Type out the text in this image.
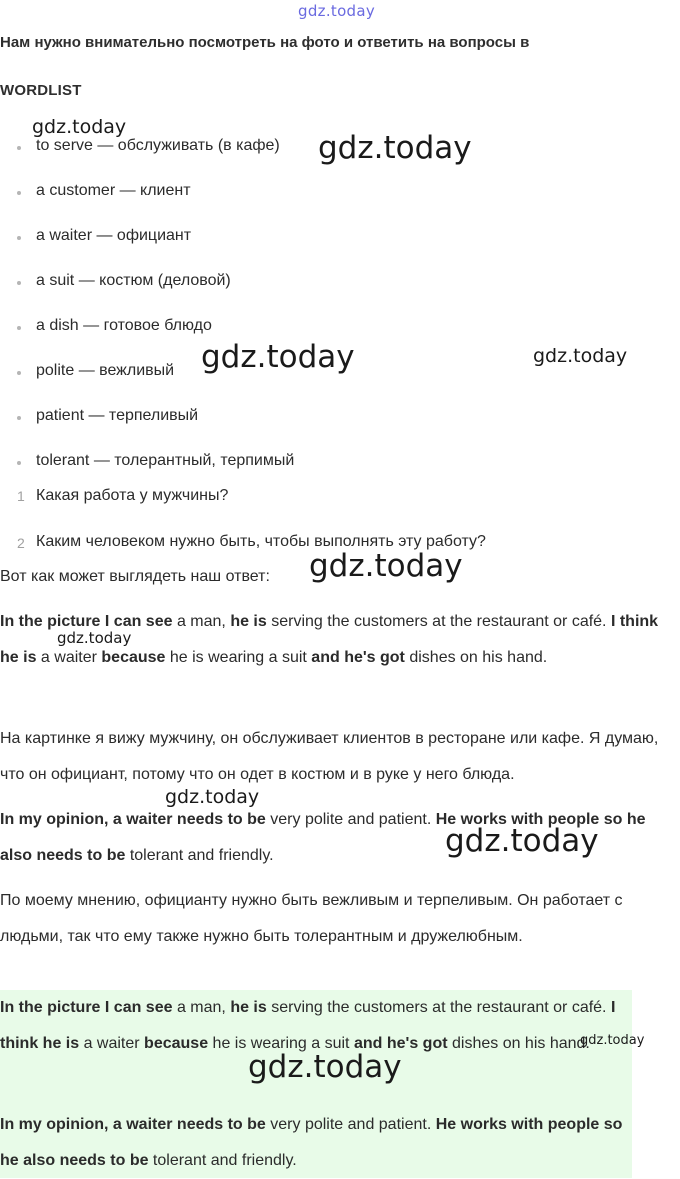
gdz.today
Нам нужно внимательно посмотреть на фото и ответить на вопросы в
WORDLIST
to serve — обслуживать (в кафе)
a customer — клиент
a waiter — официант
a suit — костюм (деловой)
a dish — готовое блюдо
polite — вежливый
patient — терпеливый
tolerant — толерантный, терпимый
1 Какая работа у мужчины?
2 Каким человеком нужно быть, чтобы выполнять эту работу?
Вот как может выглядеть наш ответ:
In the picture I can see a man, he is serving the customers at the restaurant or café. I think he is a waiter because he is wearing a suit and he's got dishes on his hand.
На картинке я вижу мужчину, он обслуживает клиентов в ресторане или кафе. Я думаю, что он официант, потому что он одет в костюм и в руке у него блюда.
In my opinion, a waiter needs to be very polite and patient. He works with people so he also needs to be tolerant and friendly.
По моему мнению, официанту нужно быть вежливым и терпеливым. Он работает с людьми, так что ему также нужно быть толерантным и дружелюбным.
In the picture I can see a man, he is serving the customers at the restaurant or café. I think he is a waiter because he is wearing a suit and he's got dishes on his hand.
In my opinion, a waiter needs to be very polite and patient. He works with people so he also needs to be tolerant and friendly.
gdz.today
gdz.today
gdz.today	gdz.today
gdz.today
gdz.today
gdz.today
gdz.today
gdz.today
gdz.today
